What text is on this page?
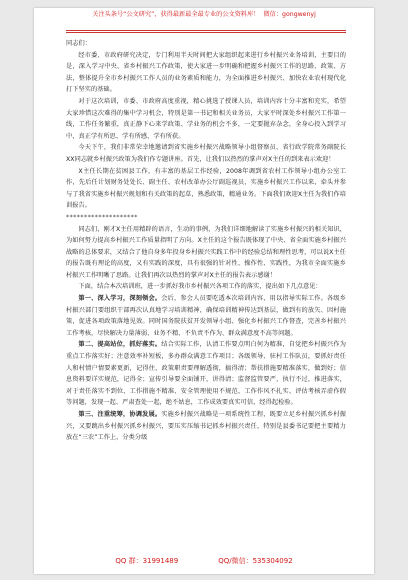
关注头条号“公文研究”，获得最新最全最专业的公文资料库！ 微信：gongwenyj

同志们：

经市委、市政府研究决定，专门利用半天时间把大家组织起来进行乡村振兴业务培训，主要目的是，深入学习中央、省乡村振兴工作政策，使大家进一步明确和把握乡村振兴工作的思路、政策、方法，整体提升全市乡村振兴工作人员的业务素质和能力，为全面推进乡村振兴、加快农业农村现代化打下坚实的基础。

对于这次培训，市委、市政府高度重视，精心挑选了授课人员，培训内容十分丰富和充实，希望大家珍惜这次难得的集中学习机会，特别是第一书记和相关业务员，大家平时深处乡村振兴工作第一线，工作任务繁重，真正静下心来学政策、学业务的机会不多，一定要抛弃杂念，全身心投入到学习中，真正学有所思、学有所感、学有所获。

今天下午，我们非常荣幸地邀请到省实施乡村振兴战略领导小组督察员、省行政学院常务副院长XX同志就乡村振兴政策为我们作专题讲座。首先，让我们以热烈的掌声对X主任的到来表示欢迎！

X主任长期在贫困县工作，有丰富的基层工作经验，2008年调到省农村工作领导小组办公室工作，先后任计划财务处处长、副主任、农村改革办公厅副巡视员，实施乡村振兴工作以来，牵头并参与了我省实施乡村振兴规划和有关政策的起草，熟悉政策，精通业务。下面我们欢迎X主任为我们作培训报告。

********************

同志们，刚才X主任用精辟的语言，生动的事例，为我们详细地解读了实施乡村振兴的相关知识，为如何努力提高乡村振兴工作质量指明了方向。X主任的这个报告既体现了中央、省全面实施乡村振兴战略的总体要求，又结合了他自身多年投身乡村振兴实践工作中的经验总结和理性思考，可以说X主任的报告既有理论的高度，又有实践的深度，具有很强的针对性、操作性、实践性，为我市全面实施乡村振兴工作明晰了思路。让我们再次以热烈的掌声对X主任的报告表示感谢！

下面，结合本次培训班，进一步抓好我市乡村振兴各项工作的落实，提出如下几点意见：

第一、深入学习，深刻领会。会后，参会人员要吃透本次培训内容，用以指导实际工作。各级乡村振兴部门要组织干部再次认真地学习培训精神，确保培训精神传达到基层，做到有的放矢、因村施策，促进各项政策落地见效。同时国务院扶贫开发领导小组、强化乡村振兴工作督查，完善乡村振兴工作考核，尽快解决力量薄弱、业务不精、不负责不作为、群众满意度不高等问题。

第二、提高站位，抓好落实。结合实际工作，认清工作要点明白何为精准，自觉把乡村振兴作为重点工作落实好；注意效率补短板，多办群众满意工作项目；各级领导、驻村工作队员，要抓好责任人和村情户情要素更新，记得住，政策职责要理解透彻，搞得清；帮扶措施要精准落实，做到好；信息资料要详实规范，记得全；宣传引导要全面铺开，讲得清；监督监管要严，执行不过，推进落实，对于责任落实不到位、工作措施不精准、安全管理使用不规范、工作作风不扎实、评估考核弄虚作假等问题，发现一起、严肃查处一起，绝不姑息，工作成效要真实可信，经得起检验。

第三、注重统筹，协调发展。实施乡村振兴战略是一项系统性工程，既要立足乡村振兴抓乡村振兴，又要跳出乡村振兴抓乡村振兴，要压实压缩书记抓乡村振兴责任，特别是县委书记要把主要精力放在“三农”工作上，分类分级

QQ 群：31991489	QQ/微信：535304092
